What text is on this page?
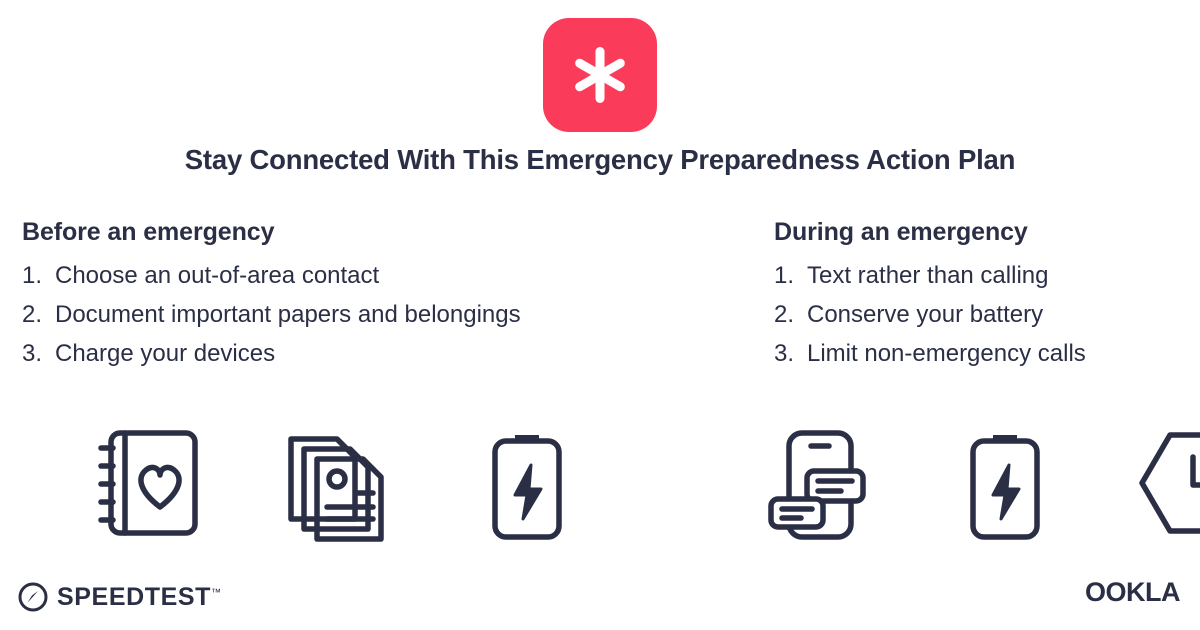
Stay Connected With This Emergency Preparedness Action Plan
Before an emergency
1. Choose an out-of-area contact
2. Document important papers and belongings
3. Charge your devices
During an emergency
1. Text rather than calling
2. Conserve your battery
3. Limit non-emergency calls
SPEEDTEST™	OOKLA
